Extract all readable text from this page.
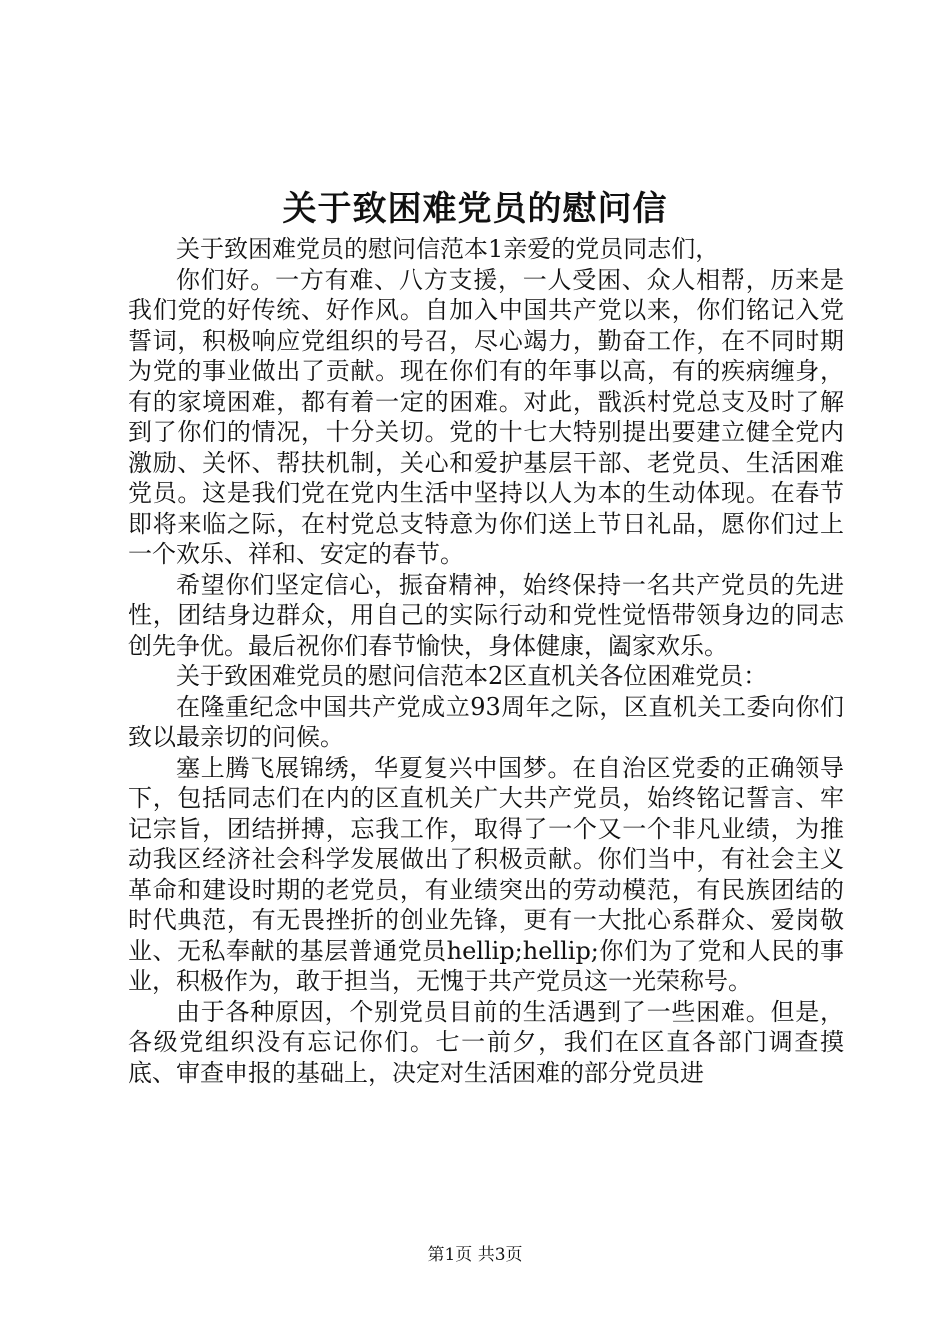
关于致困难党员的慰问信

关于致困难党员的慰问信范本1亲爱的党员同志们，

你们好。一方有难、八方支援，一人受困、众人相帮，历来是我们党的好传统、好作风。自加入中国共产党以来，你们铭记入党誓词，积极响应党组织的号召，尽心竭力，勤奋工作，在不同时期为党的事业做出了贡献。现在你们有的年事以高，有的疾病缠身，有的家境困难，都有着一定的困难。对此，戬浜村党总支及时了解到了你们的情况，十分关切。党的十七大特别提出要建立健全党内激励、关怀、帮扶机制，关心和爱护基层干部、老党员、生活困难党员。这是我们党在党内生活中坚持以人为本的生动体现。在春节即将来临之际，在村党总支特意为你们送上节日礼品，愿你们过上一个欢乐、祥和、安定的春节。

希望你们坚定信心，振奋精神，始终保持一名共产党员的先进性，团结身边群众，用自己的实际行动和党性觉悟带领身边的同志创先争优。最后祝你们春节愉快，身体健康，阖家欢乐。

关于致困难党员的慰问信范本2区直机关各位困难党员：

在隆重纪念中国共产党成立93周年之际，区直机关工委向你们致以最亲切的问候。

塞上腾飞展锦绣，华夏复兴中国梦。在自治区党委的正确领导下，包括同志们在内的区直机关广大共产党员，始终铭记誓言、牢记宗旨，团结拼搏，忘我工作，取得了一个又一个非凡业绩，为推动我区经济社会科学发展做出了积极贡献。你们当中，有社会主义革命和建设时期的老党员，有业绩突出的劳动模范，有民族团结的时代典范，有无畏挫折的创业先锋，更有一大批心系群众、爱岗敬业、无私奉献的基层普通党员hellip;hellip;你们为了党和人民的事业，积极作为，敢于担当，无愧于共产党员这一光荣称号。

由于各种原因，个别党员目前的生活遇到了一些困难。但是，各级党组织没有忘记你们。七一前夕，我们在区直各部门调查摸底、审查申报的基础上，决定对生活困难的部分党员进

第1页 共3页
